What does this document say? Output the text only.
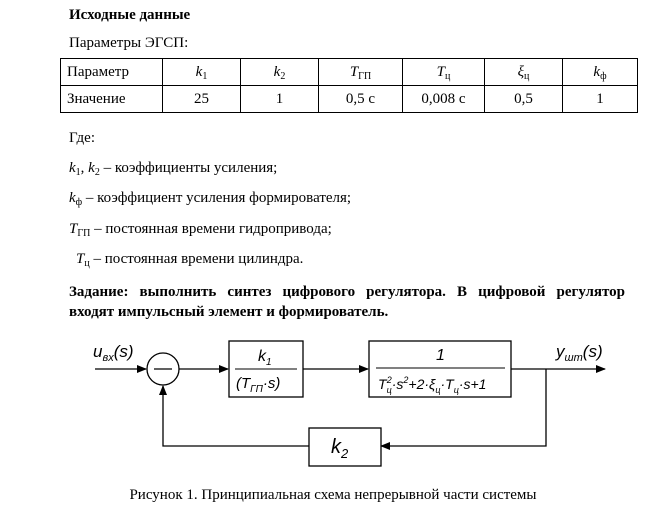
Исходные данные
Параметры ЭГСП:
Параметр	$k_1$	$k_2$	$T_{ГП}$	$T_ц$	$\xi_ц$	$k_ф$
Значение	25	1	0,5 с	0,008 с	0,5	1
Где:
$k_1$, $k_2$ – коэффициенты усиления;
$k_ф$ – коэффициент усиления формирователя;
$T_{ГП}$ – постоянная времени гидропривода;
$T_ц$ – постоянная времени цилиндра.
Задание: выполнить синтез цифрового регулятора. В цифровой регулятор
входят импульсный элемент и формирователь.
$u_{вх}(s)$	$k_1$
$(T_{ГП}\cdot s)$
1
$T_ц2\cdot s^2+2\cdot\xi_ц\cdot T_ц\cdot s+1$
$y_{шт}(s)$
$k_2$
Рисунок 1. Принципиальная схема непрерывной части системы
